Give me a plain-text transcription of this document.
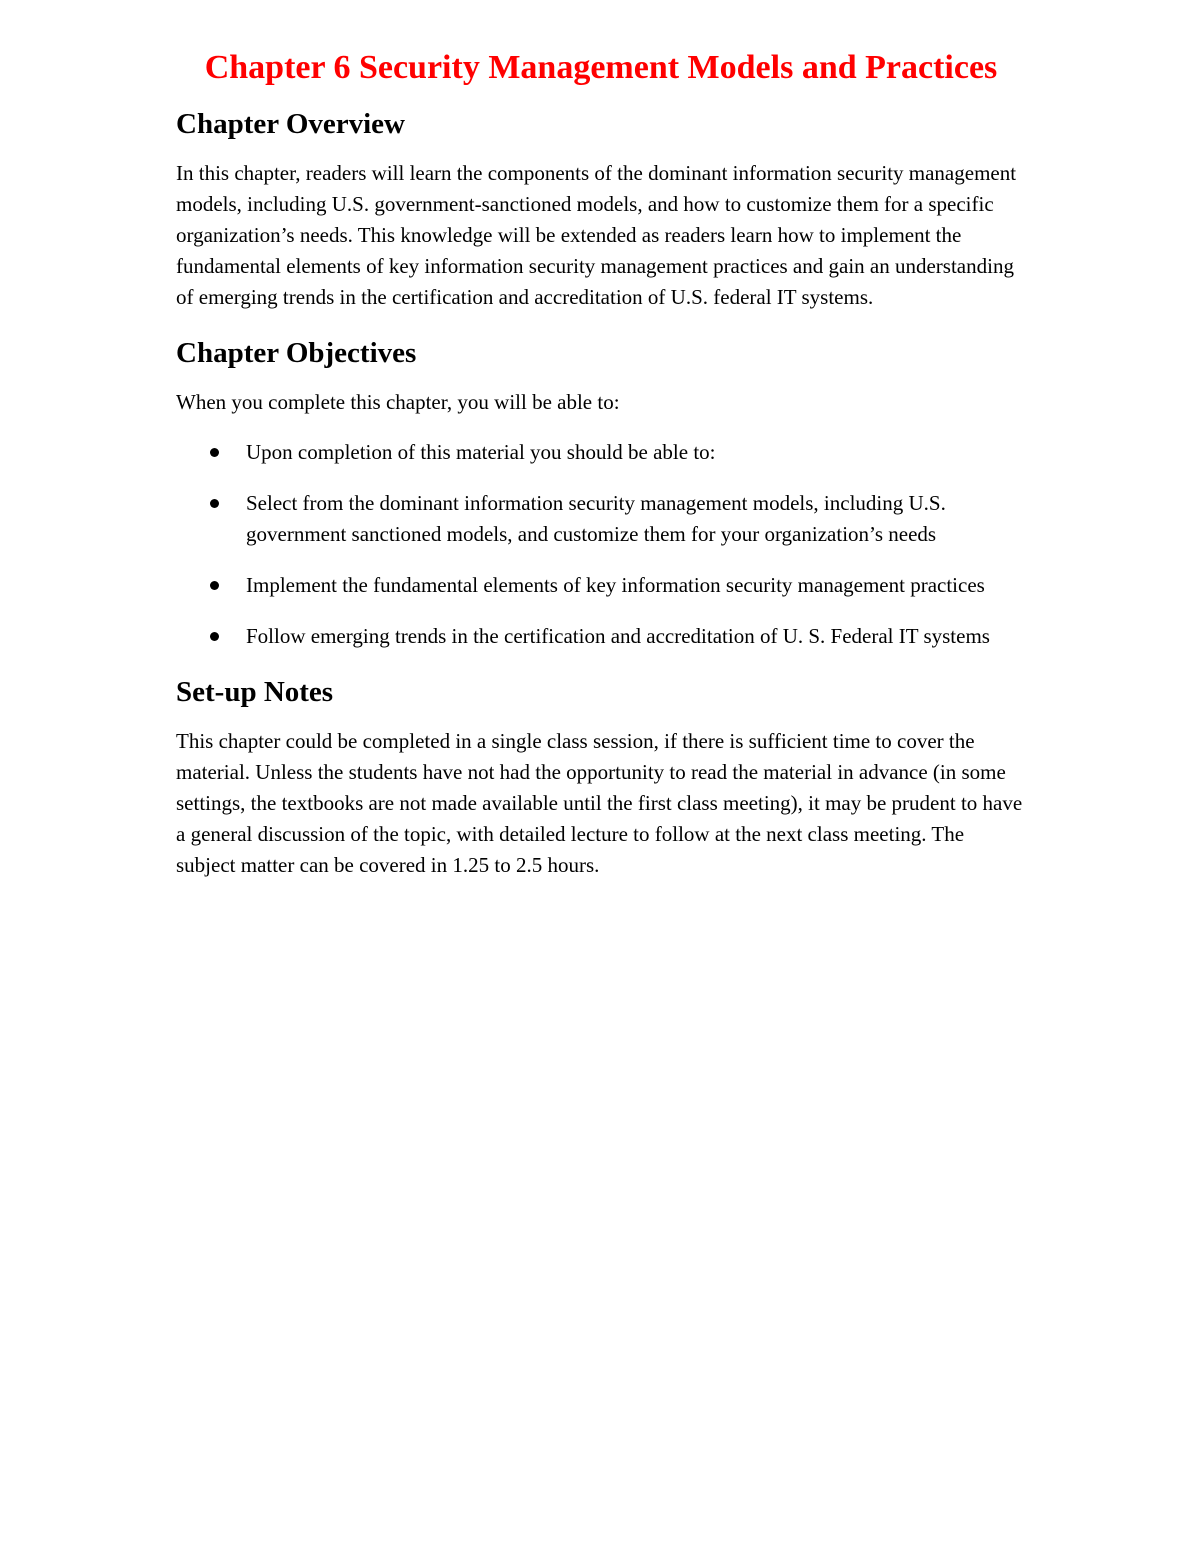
Chapter 6 Security Management Models and Practices
Chapter Overview

In this chapter, readers will learn the components of the dominant information security management models, including U.S. government-sanctioned models, and how to customize them for a specific organization’s needs. This knowledge will be extended as readers learn how to implement the fundamental elements of key information security management practices and gain an understanding of emerging trends in the certification and accreditation of U.S. federal IT systems.

Chapter Objectives

When you complete this chapter, you will be able to:

Upon completion of this material you should be able to:
Select from the dominant information security management models, including U.S. government sanctioned models, and customize them for your organization’s needs
Implement the fundamental elements of key information security management practices
Follow emerging trends in the certification and accreditation of U. S. Federal IT systems
Set-up Notes

This chapter could be completed in a single class session, if there is sufficient time to cover the material. Unless the students have not had the opportunity to read the material in advance (in some settings, the textbooks are not made available until the first class meeting), it may be prudent to have a general discussion of the topic, with detailed lecture to follow at the next class meeting. The subject matter can be covered in 1.25 to 2.5 hours.
